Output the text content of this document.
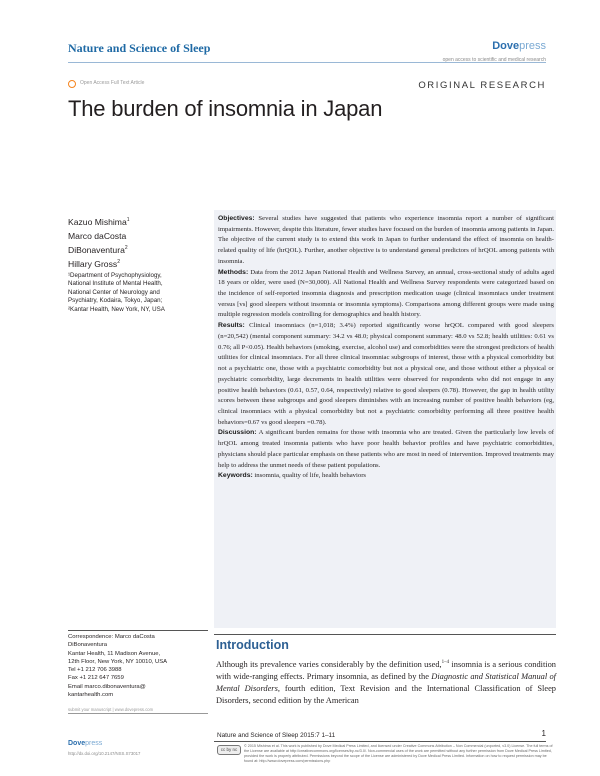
Nature and Science of Sleep	Dovepress
open access to scientific and medical research
Open Access Full Text Article	ORIGINAL RESEARCH
The burden of insomnia in Japan
Kazuo Mishima$^1$
Marco daCosta
DiBonaventura$^2$
Hillary Gross$^2$

¹Department of Psychophysiology,
National Institute of Mental Health,
National Center of Neurology and
Psychiatry, Kodaira, Tokyo, Japan;

²Kantar Health, New York, NY, USA

Objectives: Several studies have suggested that patients who experience insomnia report a number of significant impairments. However, despite this literature, fewer studies have focused on the burden of insomnia among patients in Japan. The objective of the current study is to extend this work in Japan to further understand the effect of insomnia on health-related quality of life (hrQOL). Further, another objective is to understand general predictors of hrQOL among patients with insomnia.

Methods: Data from the 2012 Japan National Health and Wellness Survey, an annual, cross-sectional study of adults aged 18 years or older, were used (N=30,000). All National Health and Wellness Survey respondents were categorized based on the incidence of self-reported insomnia diagnosis and prescription medication usage (clinical insomniacs under treatment versus [vs] good sleepers without insomnia or insomnia symptoms). Comparisons among different groups were made using multiple regression models controlling for demographics and health history.

Results: Clinical insomniacs (n=1,018; 3.4%) reported significantly worse hrQOL compared with good sleepers (n=20,542) (mental component summary: 34.2 vs 48.0; physical component summary: 48.0 vs 52.8; health utilities: 0.61 vs 0.76; all P<0.05). Health behaviors (smoking, exercise, alcohol use) and comorbidities were the strongest predictors of health utilities for clinical insomniacs. For all three clinical insomniac subgroups of interest, those with a physical comorbidity but not a psychiatric one, those with a psychiatric comorbidity but not a physical one, and those without either a physical or psychiatric comorbidity, large decrements in health utilities were observed for respondents who did not engage in any positive health behaviors (0.61, 0.57, 0.64, respectively) relative to good sleepers (0.78). However, the gap in health utility scores between these subgroups and good sleepers diminishes with an increasing number of positive health behaviors (eg, clinical insomniacs with a physical comorbidity but not a psychiatric comorbidity performing all three positive health behaviors=0.67 vs good sleepers =0.78).

Discussion: A significant burden remains for those with insomnia who are treated. Given the particularly low levels of hrQOL among treated insomnia patients who have poor health behavior profiles and have psychiatric comorbidities, physicians should place particular emphasis on these patients who are most in need of intervention. Improved treatments may help to address the unmet needs of these patient populations.

Keywords: insomnia, quality of life, health behaviors

Correspondence: Marco daCosta
DiBonaventura
Kantar Health, 11 Madison Avenue,
12th Floor, New York, NY 10010, USA
Tel +1 212 706 3988
Fax +1 212 647 7659
Email marco.dibonaventura@
kantarhealth.com
Introduction

Although its prevalence varies considerably by the definition used,$^{1-4}$ insomnia is a serious condition with wide-ranging effects. Primary insomnia, as defined by the Diagnostic and Statistical Manual of Mental Disorders, fourth edition, Text Revision and the International Classification of Sleep Disorders, second edition by the American

submit your manuscript | www.dovepress.com
Dovepress
http://dx.doi.org/10.2147/NSS.S73017
Nature and Science of Sleep 2015:7 1–11	1
cc by nc
© 2015 Mishima et al. This work is published by Dove Medical Press Limited, and licensed under Creative Commons Attribution – Non Commercial (unported, v3.0) License. The full terms of the License are available at http://creativecommons.org/licenses/by-nc/3.0/. Non-commercial uses of the work are permitted without any further permission from Dove Medical Press Limited, provided the work is properly attributed. Permissions beyond the scope of the License are administered by Dove Medical Press Limited. Information on how to request permission may be found at: http://www.dovepress.com/permissions.php
